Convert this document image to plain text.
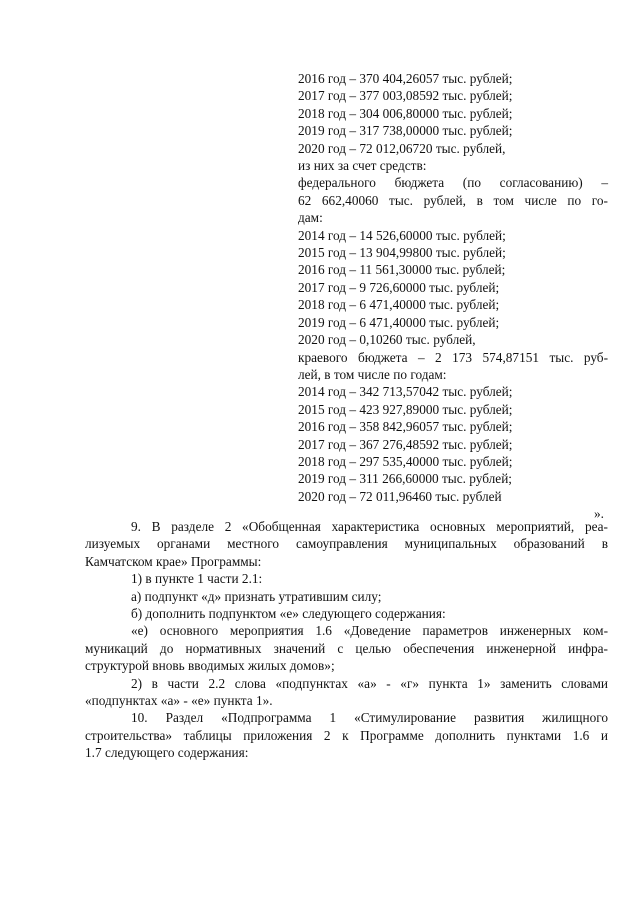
2016 год – 370 404,26057 тыс. рублей;
2017 год – 377 003,08592 тыс. рублей;
2018 год – 304 006,80000 тыс. рублей;
2019 год – 317 738,00000 тыс. рублей;
2020 год – 72 012,06720 тыс. рублей,
из них за счет средств:
федерального бюджета (по согласованию) –
62 662,40060 тыс. рублей, в том числе по го-
дам:
2014 год – 14 526,60000 тыс. рублей;
2015 год – 13 904,99800 тыс. рублей;
2016 год – 11 561,30000 тыс. рублей;
2017 год – 9 726,60000 тыс. рублей;
2018 год – 6 471,40000 тыс. рублей;
2019 год – 6 471,40000 тыс. рублей;
2020 год – 0,10260 тыс. рублей,
краевого бюджета – 2 173 574,87151 тыс. руб-
лей, в том числе по годам:
2014 год – 342 713,57042 тыс. рублей;
2015 год – 423 927,89000 тыс. рублей;
2016 год – 358 842,96057 тыс. рублей;
2017 год – 367 276,48592 тыс. рублей;
2018 год – 297 535,40000 тыс. рублей;
2019 год – 311 266,60000 тыс. рублей;
2020 год – 72 011,96460 тыс. рублей
».
9. В разделе 2 «Обобщенная характеристика основных мероприятий, реа-
лизуемых органами местного самоуправления муниципальных образований в
Камчатском крае» Программы:
1) в пункте 1 части 2.1:
а) подпункт «д» признать утратившим силу;
б) дополнить подпунктом «е» следующего содержания:
«е) основного мероприятия 1.6 «Доведение параметров инженерных ком-
муникаций до нормативных значений с целью обеспечения инженерной инфра-
структурой вновь вводимых жилых домов»;
2) в части 2.2 слова «подпунктах «а» - «г» пункта 1» заменить словами
«подпунктах «а» - «е» пункта 1».
10. Раздел «Подпрограмма 1 «Стимулирование развития жилищного
строительства» таблицы приложения 2 к Программе дополнить пунктами 1.6 и
1.7 следующего содержания:
